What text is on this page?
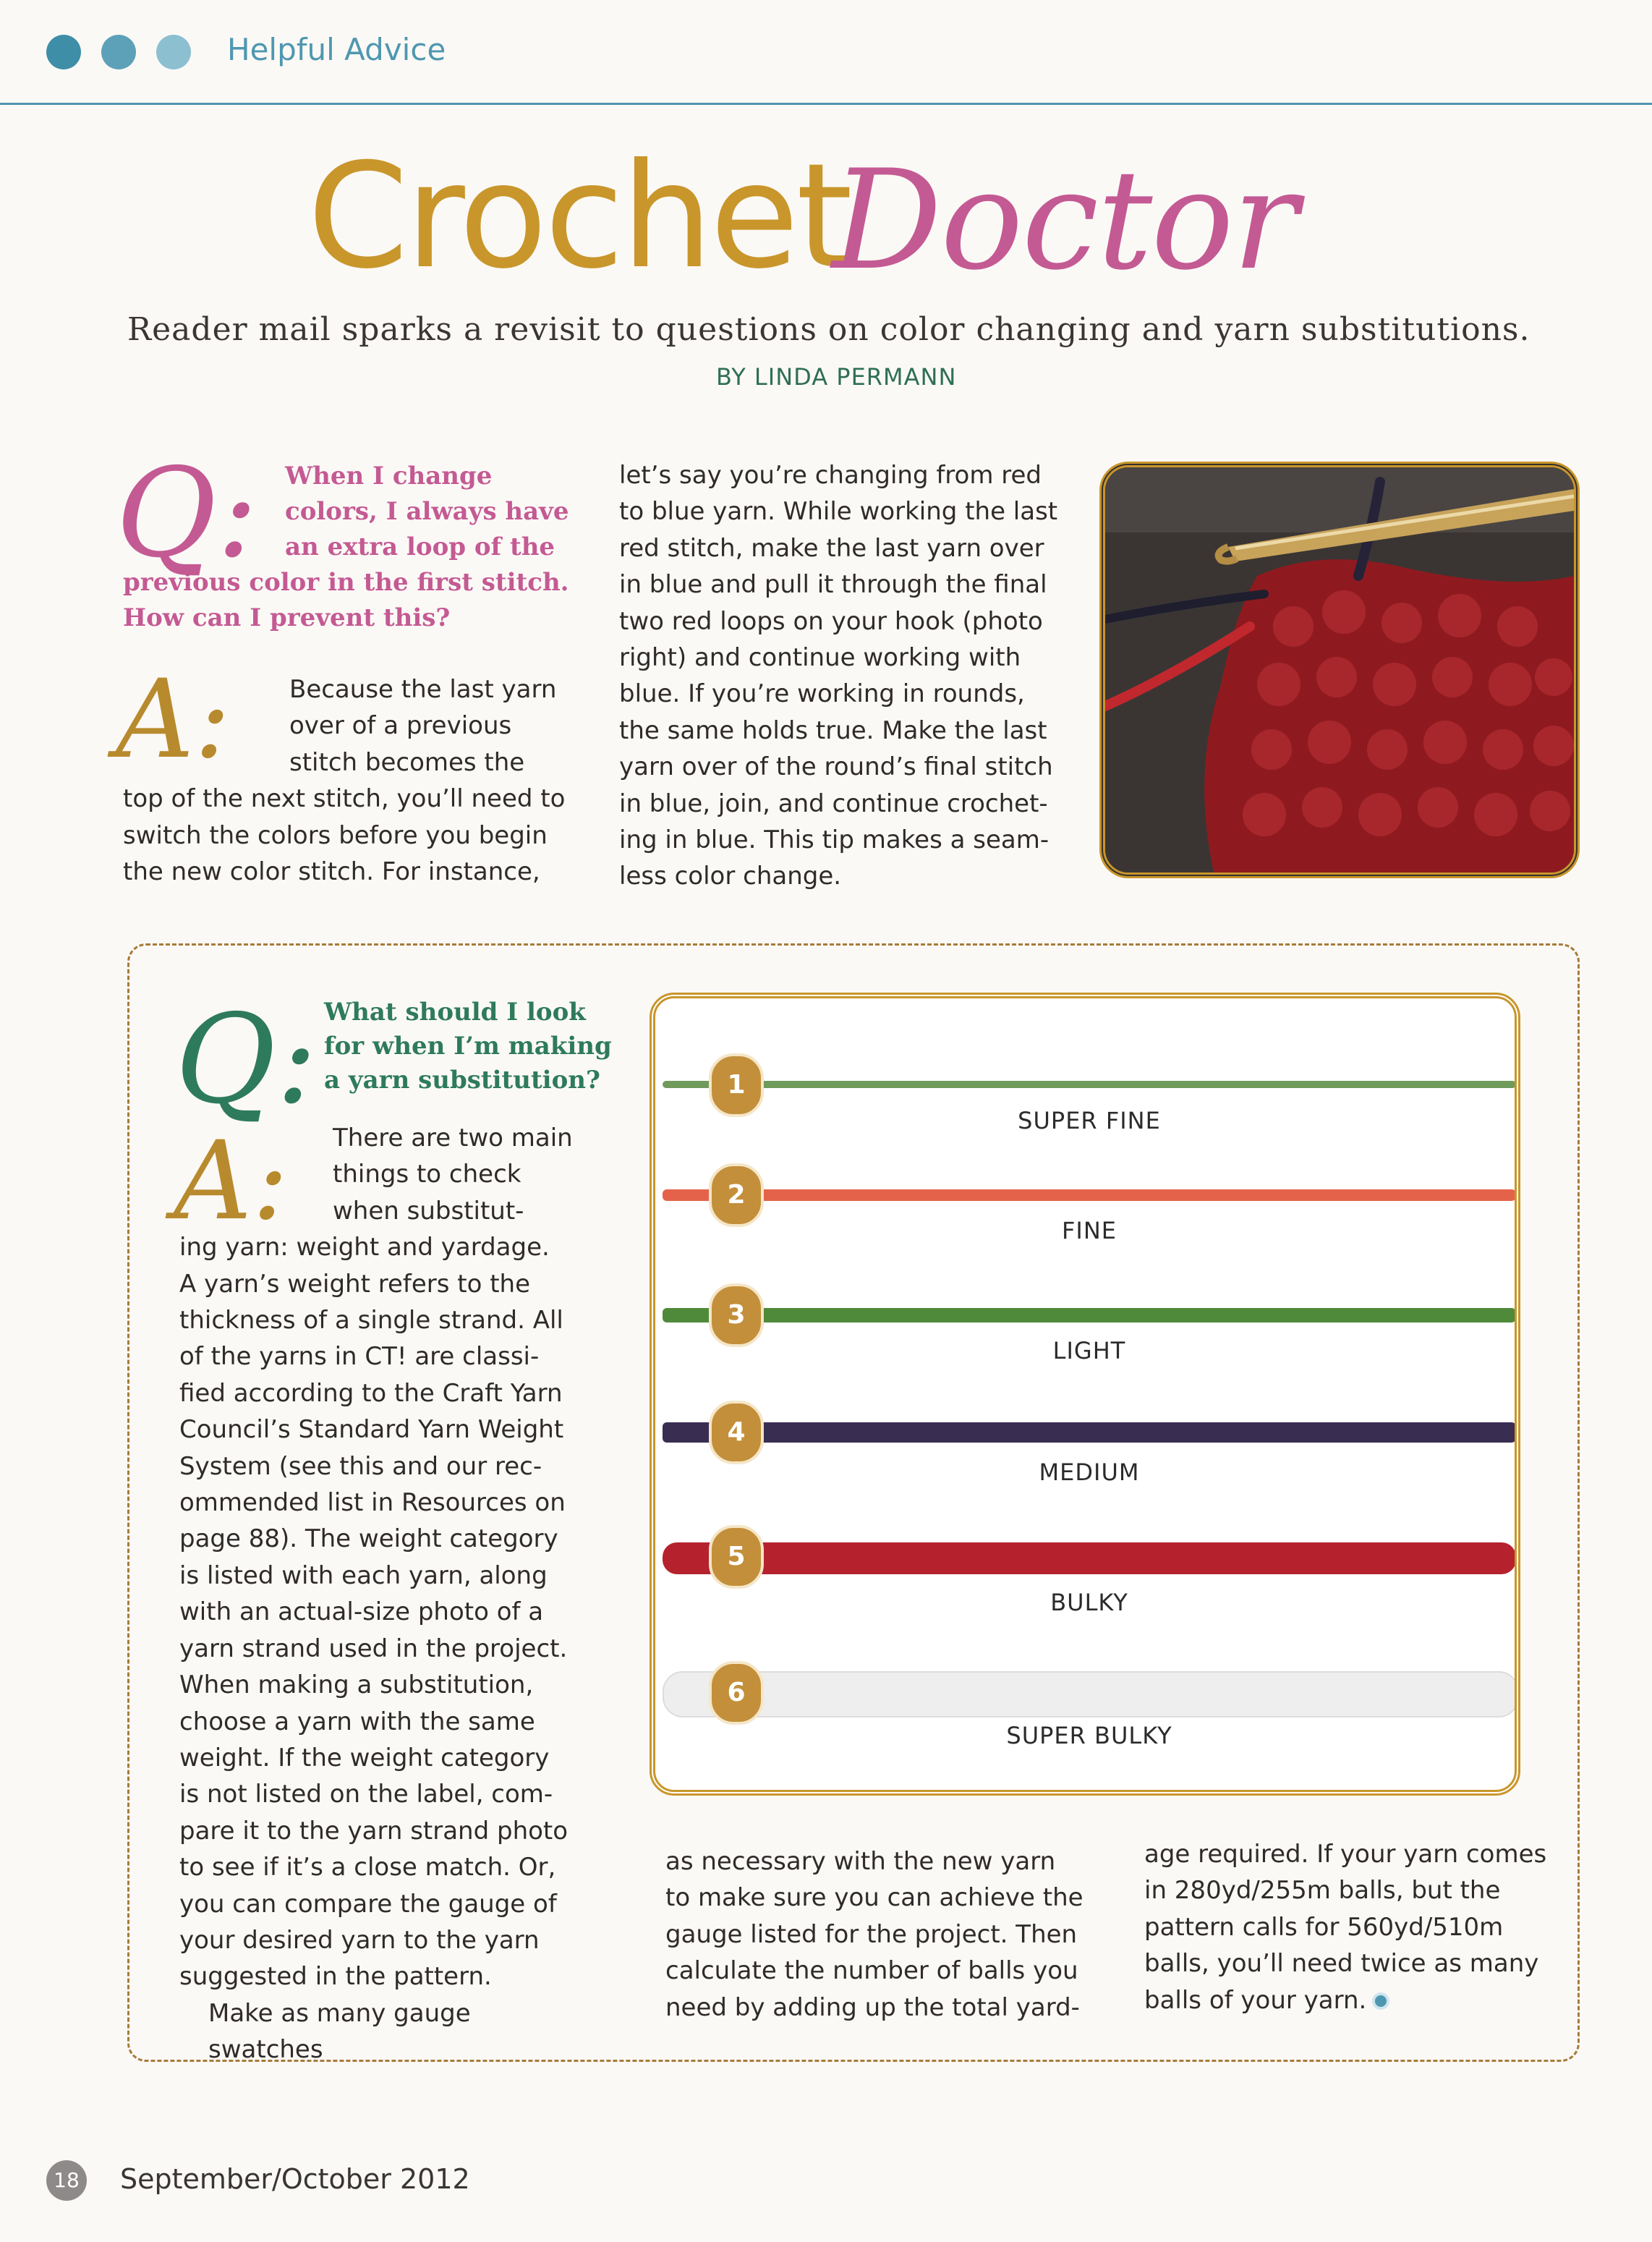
Helpful Advice
Crochet
Doctor
Reader mail sparks a revisit to questions on color changing and yarn substitutions.
BY LINDA PERMANN
Q:	When I change
colors, I always have
an extra loop of the
previous color in the first stitch.
How can I prevent this?
A:	Because the last yarn

over of a previous

stitch becomes the

top of the next stitch, you’ll need to

switch the colors before you begin

the new color stitch. For instance,

let’s say you’re changing from red

to blue yarn. While working the last

red stitch, make the last yarn over

in blue and pull it through the final

two red loops on your hook (photo

right) and continue working with

blue. If you’re working in rounds,

the same holds true. Make the last

yarn over of the round’s final stitch

in blue, join, and continue crochet-

ing in blue. This tip makes a seam-

less color change.

Q: What should I look
for when I’m making
a yarn substitution?
A:	There are two main

things to check

when substitut-

ing yarn: weight and yardage.

A yarn’s weight refers to the

thickness of a single strand. All

of the yarns in CT! are classi-

fied according to the Craft Yarn

Council’s Standard Yarn Weight

System (see this and our rec-

ommended list in Resources on

page 88). The weight category

is listed with each yarn, along

with an actual-size photo of a

yarn strand used in the project.

When making a substitution,

choose a yarn with the same

weight. If the weight category

is not listed on the label, com-

pare it to the yarn strand photo

to see if it’s a close match. Or,

you can compare the gauge of

your desired yarn to the yarn

suggested in the pattern.

Make as many gauge swatches

1
SUPER FINE
2
FINE
3
LIGHT
4
MEDIUM
5
BULKY
6
SUPER BULKY

as necessary with the new yarn

to make sure you can achieve the

gauge listed for the project. Then

calculate the number of balls you

need by adding up the total yard-

age required. If your yarn comes

in 280yd/255m balls, but the

pattern calls for 560yd/510m

balls, you’ll need twice as many

balls of your yarn.

18 September/October 2012
